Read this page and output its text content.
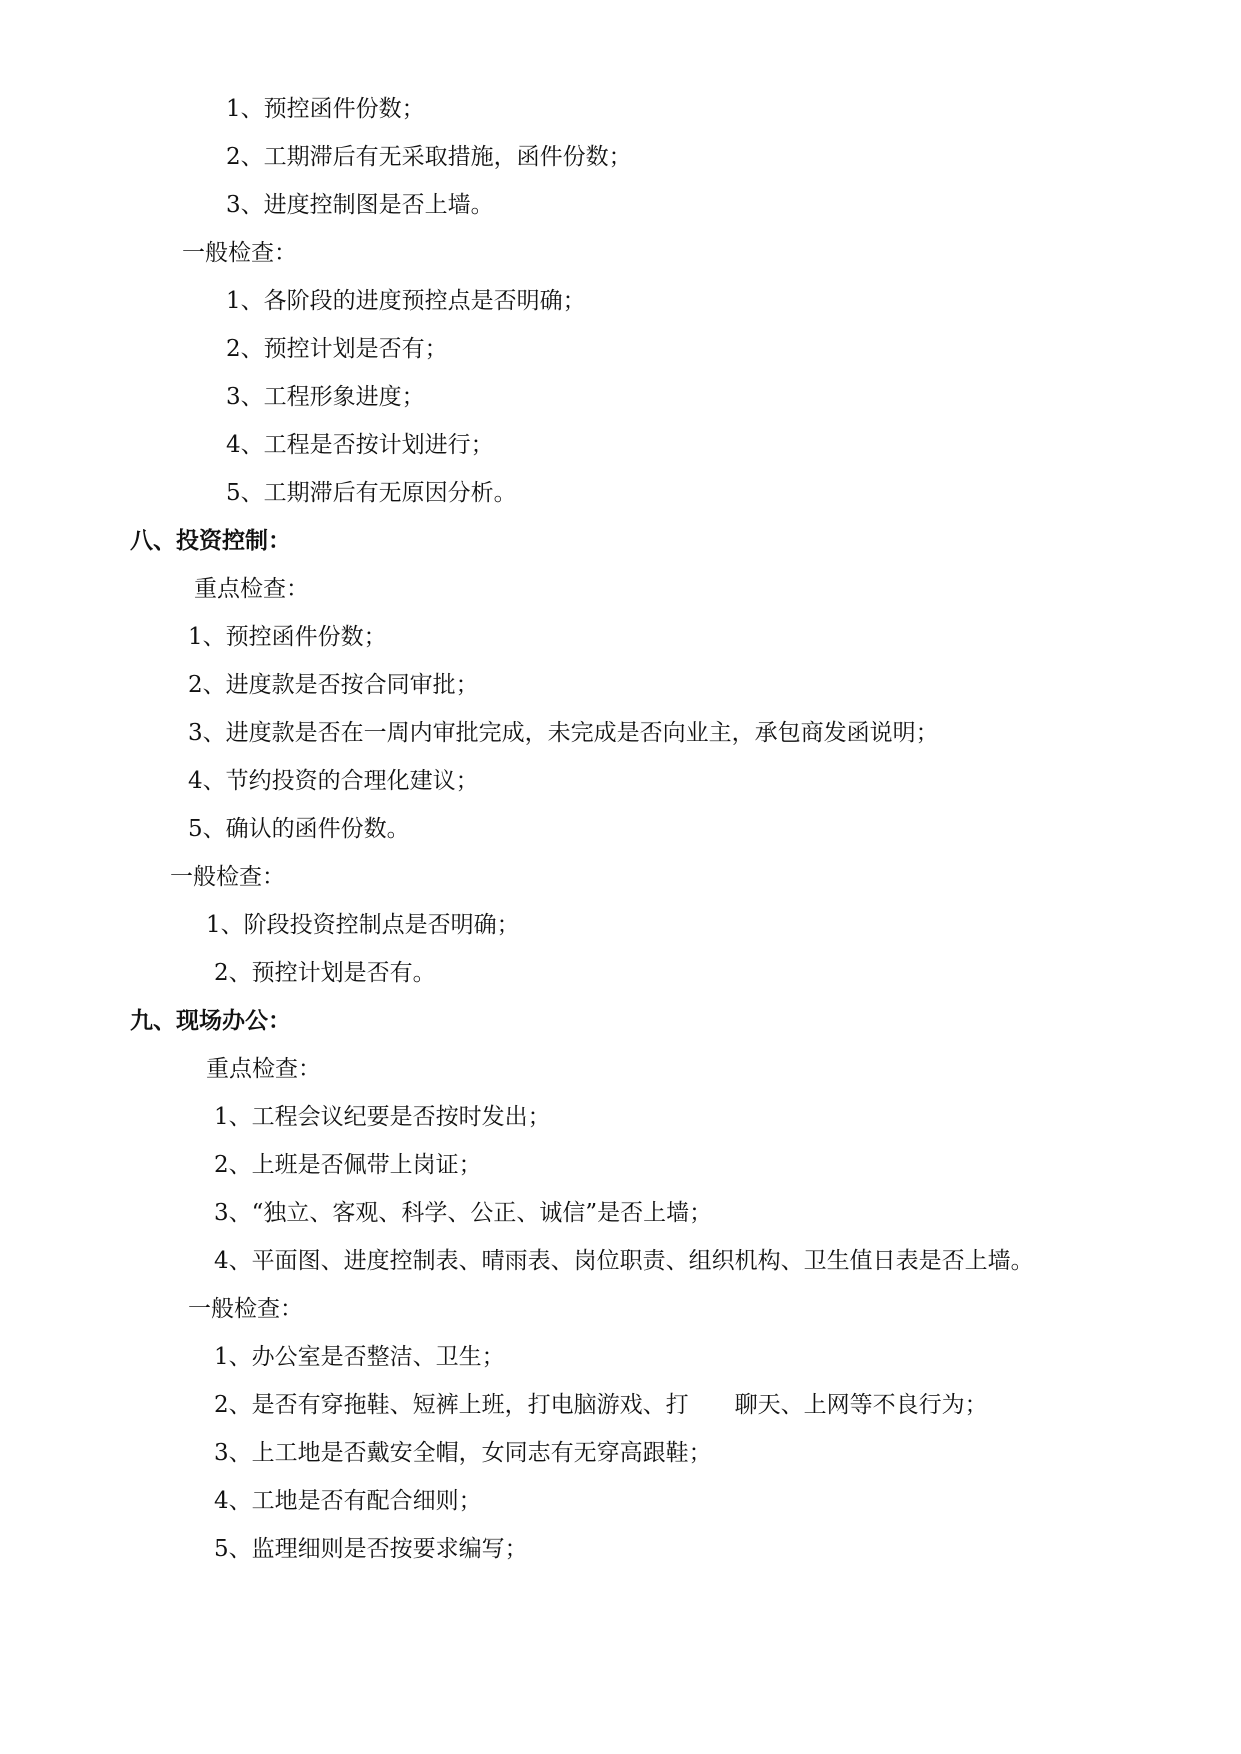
1、预控函件份数；
2、工期滞后有无采取措施，函件份数；
3、进度控制图是否上墙。
一般检查：
1、各阶段的进度预控点是否明确；
2、预控计划是否有；
3、工程形象进度；
4、工程是否按计划进行；
5、工期滞后有无原因分析。
八、投资控制：
重点检查：
1、预控函件份数；
2、进度款是否按合同审批；
3、进度款是否在一周内审批完成，未完成是否向业主，承包商发函说明；
4、节约投资的合理化建议；
5、确认的函件份数。
一般检查：
1、阶段投资控制点是否明确；
2、预控计划是否有。
九、现场办公：
重点检查：
1、工程会议纪要是否按时发出；
2、上班是否佩带上岗证；
3、“独立、客观、科学、公正、诚信”是否上墙；
4、平面图、进度控制表、晴雨表、岗位职责、组织机构、卫生值日表是否上墙。
一般检查：
1、办公室是否整洁、卫生；
2、是否有穿拖鞋、短裤上班，打电脑游戏、打　　聊天、上网等不良行为；
3、上工地是否戴安全帽，女同志有无穿高跟鞋；
4、工地是否有配合细则；
5、监理细则是否按要求编写；
